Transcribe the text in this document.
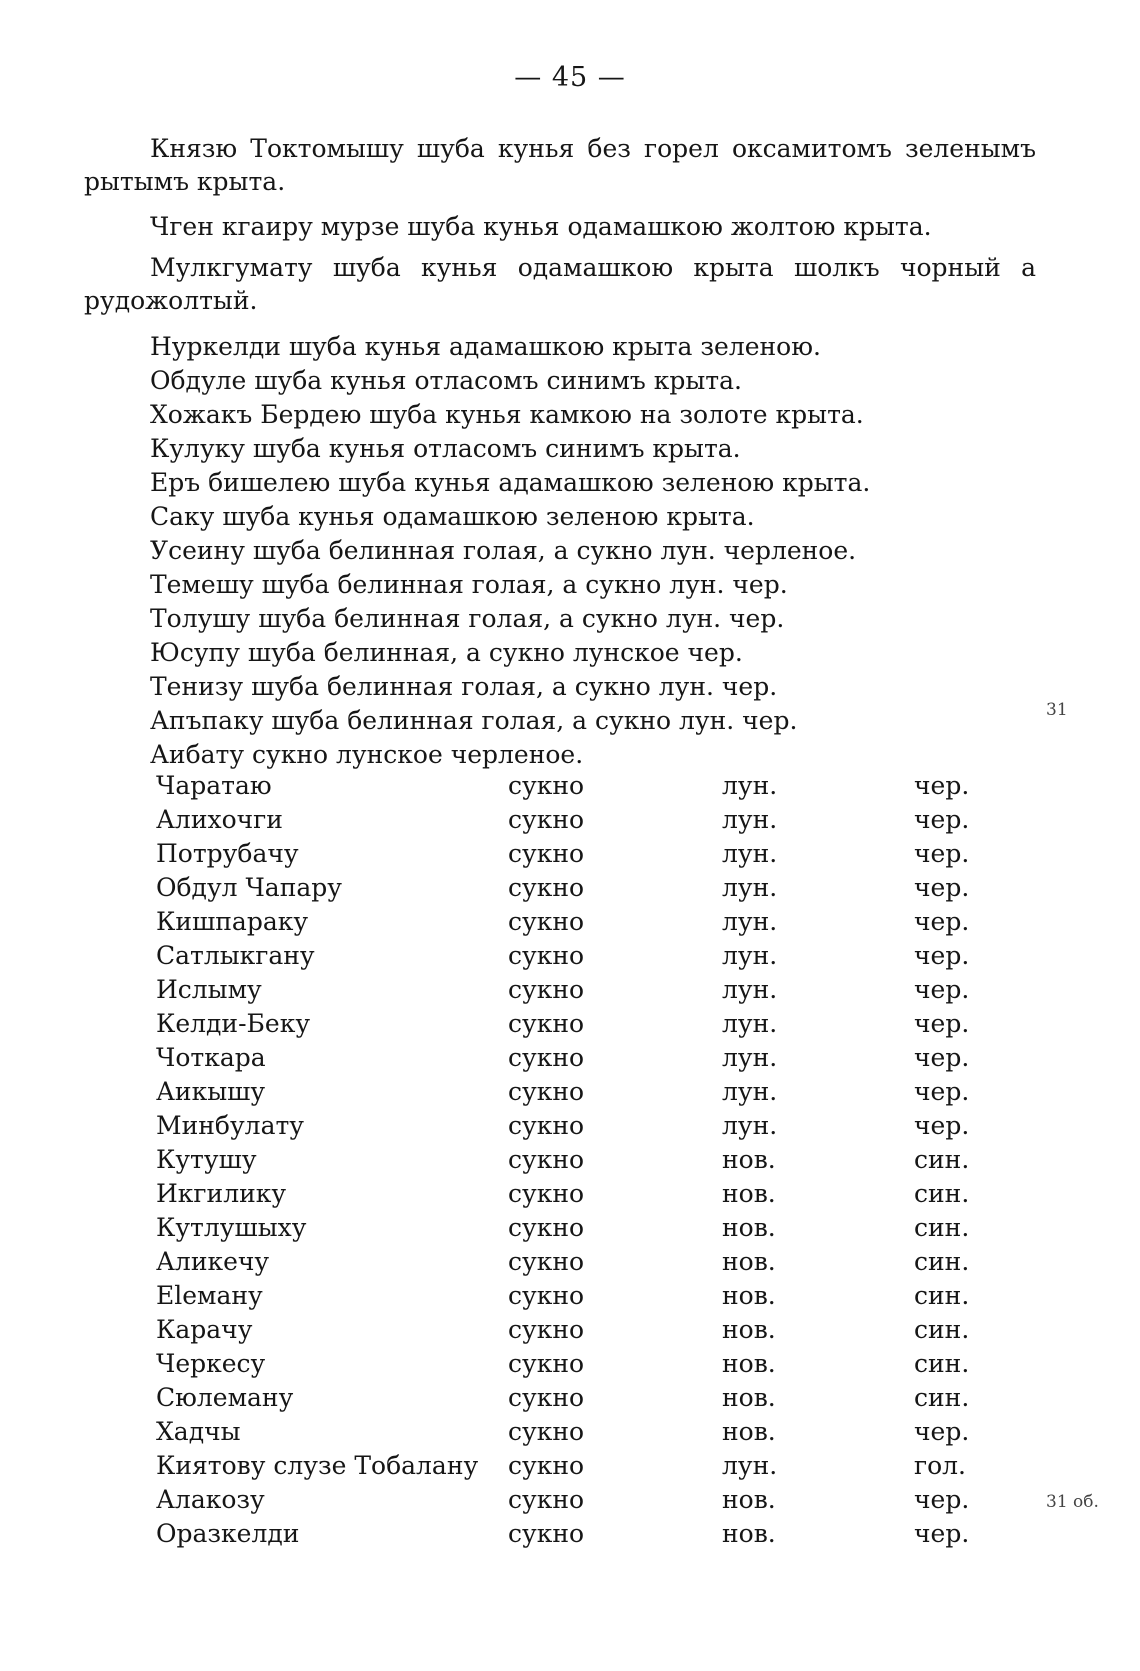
— 45 —
Князю Токтомышу шуба кунья без горел оксамитомъ зеленымъ рытымъ крыта.
Чген кгаиру мурзе шуба кунья одамашкою жолтою крыта.
Мулкгумату шуба кунья одамашкою крыта шолкъ чорный а рудожолтый.
Нуркелди шуба кунья адамашкою крыта зеленою.
Обдуле шуба кунья отласомъ синимъ крыта.
Хожакъ Бердею шуба кунья камкою на золоте крыта.
Кулуку шуба кунья отласомъ синимъ крыта.
Еръ бишелею шуба кунья адамашкою зеленою крыта.
Саку шуба кунья одамашкою зеленою крыта.
Усеину шуба белинная голая, а сукно лун. черленое.
Темешу шуба белинная голая, а сукно лун. чер.
Толушу шуба белинная голая, а сукно лун. чер.
Юсупу шуба белинная, а сукно лунское чер.
Тенизу шуба белинная голая, а сукно лун. чер.
Апъпаку шуба белинная голая, а сукно лун. чер.
Аибату сукно лунское черленое.
Чаратаю	сукно	лун.	чер.
Алихочги	сукно	лун.	чер.
Потрубачу	сукно	лун.	чер.
Обдул Чапару	сукно	лун.	чер.
Кишпараку	сукно	лун.	чер.
Сатлыкгану	сукно	лун.	чер.
Ислыму	сукно	лун.	чер.
Келди-Беку	сукно	лун.	чер.
Чоткара	сукно	лун.	чер.
Аикышу	сукно	лун.	чер.
Минбулату	сукно	лун.	чер.
Кутушу	сукно	нов.	син.
Икгилику	сукно	нов.	син.
Кутлушыху	сукно	нов.	син.
Аликечу	сукно	нов.	син.
Еleману	сукно	нов.	син.
Карачу	сукно	нов.	син.
Черкесу	сукно	нов.	син.
Сюлеману	сукно	нов.	син.
Хадчы	сукно	нов.	чер.
Киятову слузе Тобалану сукно	лун.	гол.
Алакозу	сукно	нов.	чер.
Оразкелди	сукно	нов.	чер.
31
31 об.
